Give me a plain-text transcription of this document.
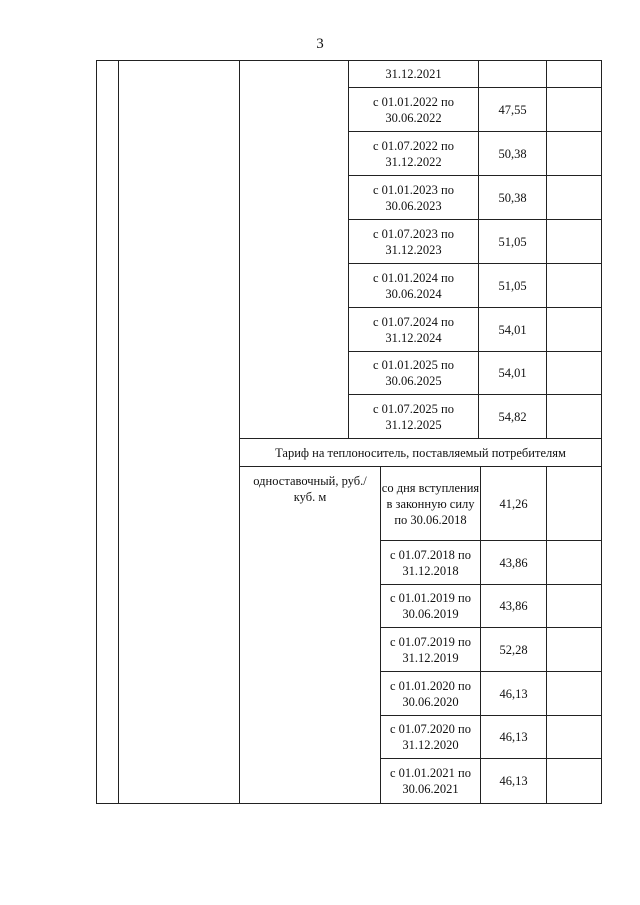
3
31.12.2021
с 01.01.2022 по 30.06.2022
47,55
с 01.07.2022 по 31.12.2022
50,38
с 01.01.2023 по 30.06.2023
50,38
с 01.07.2023 по 31.12.2023
51,05
с 01.01.2024 по 30.06.2024
51,05
с 01.07.2024 по 31.12.2024
54,01
с 01.01.2025 по 30.06.2025
54,01
с 01.07.2025 по 31.12.2025
54,82
Тариф на теплоноситель, поставляемый потребителям
одноставочный, руб./куб. м
со дня вступления в законную силу по 30.06.2018
41,26
с 01.07.2018 по 31.12.2018
43,86
с 01.01.2019 по 30.06.2019
43,86
с 01.07.2019 по 31.12.2019
52,28
с 01.01.2020 по 30.06.2020
46,13
с 01.07.2020 по 31.12.2020
46,13
с 01.01.2021 по 30.06.2021
46,13
